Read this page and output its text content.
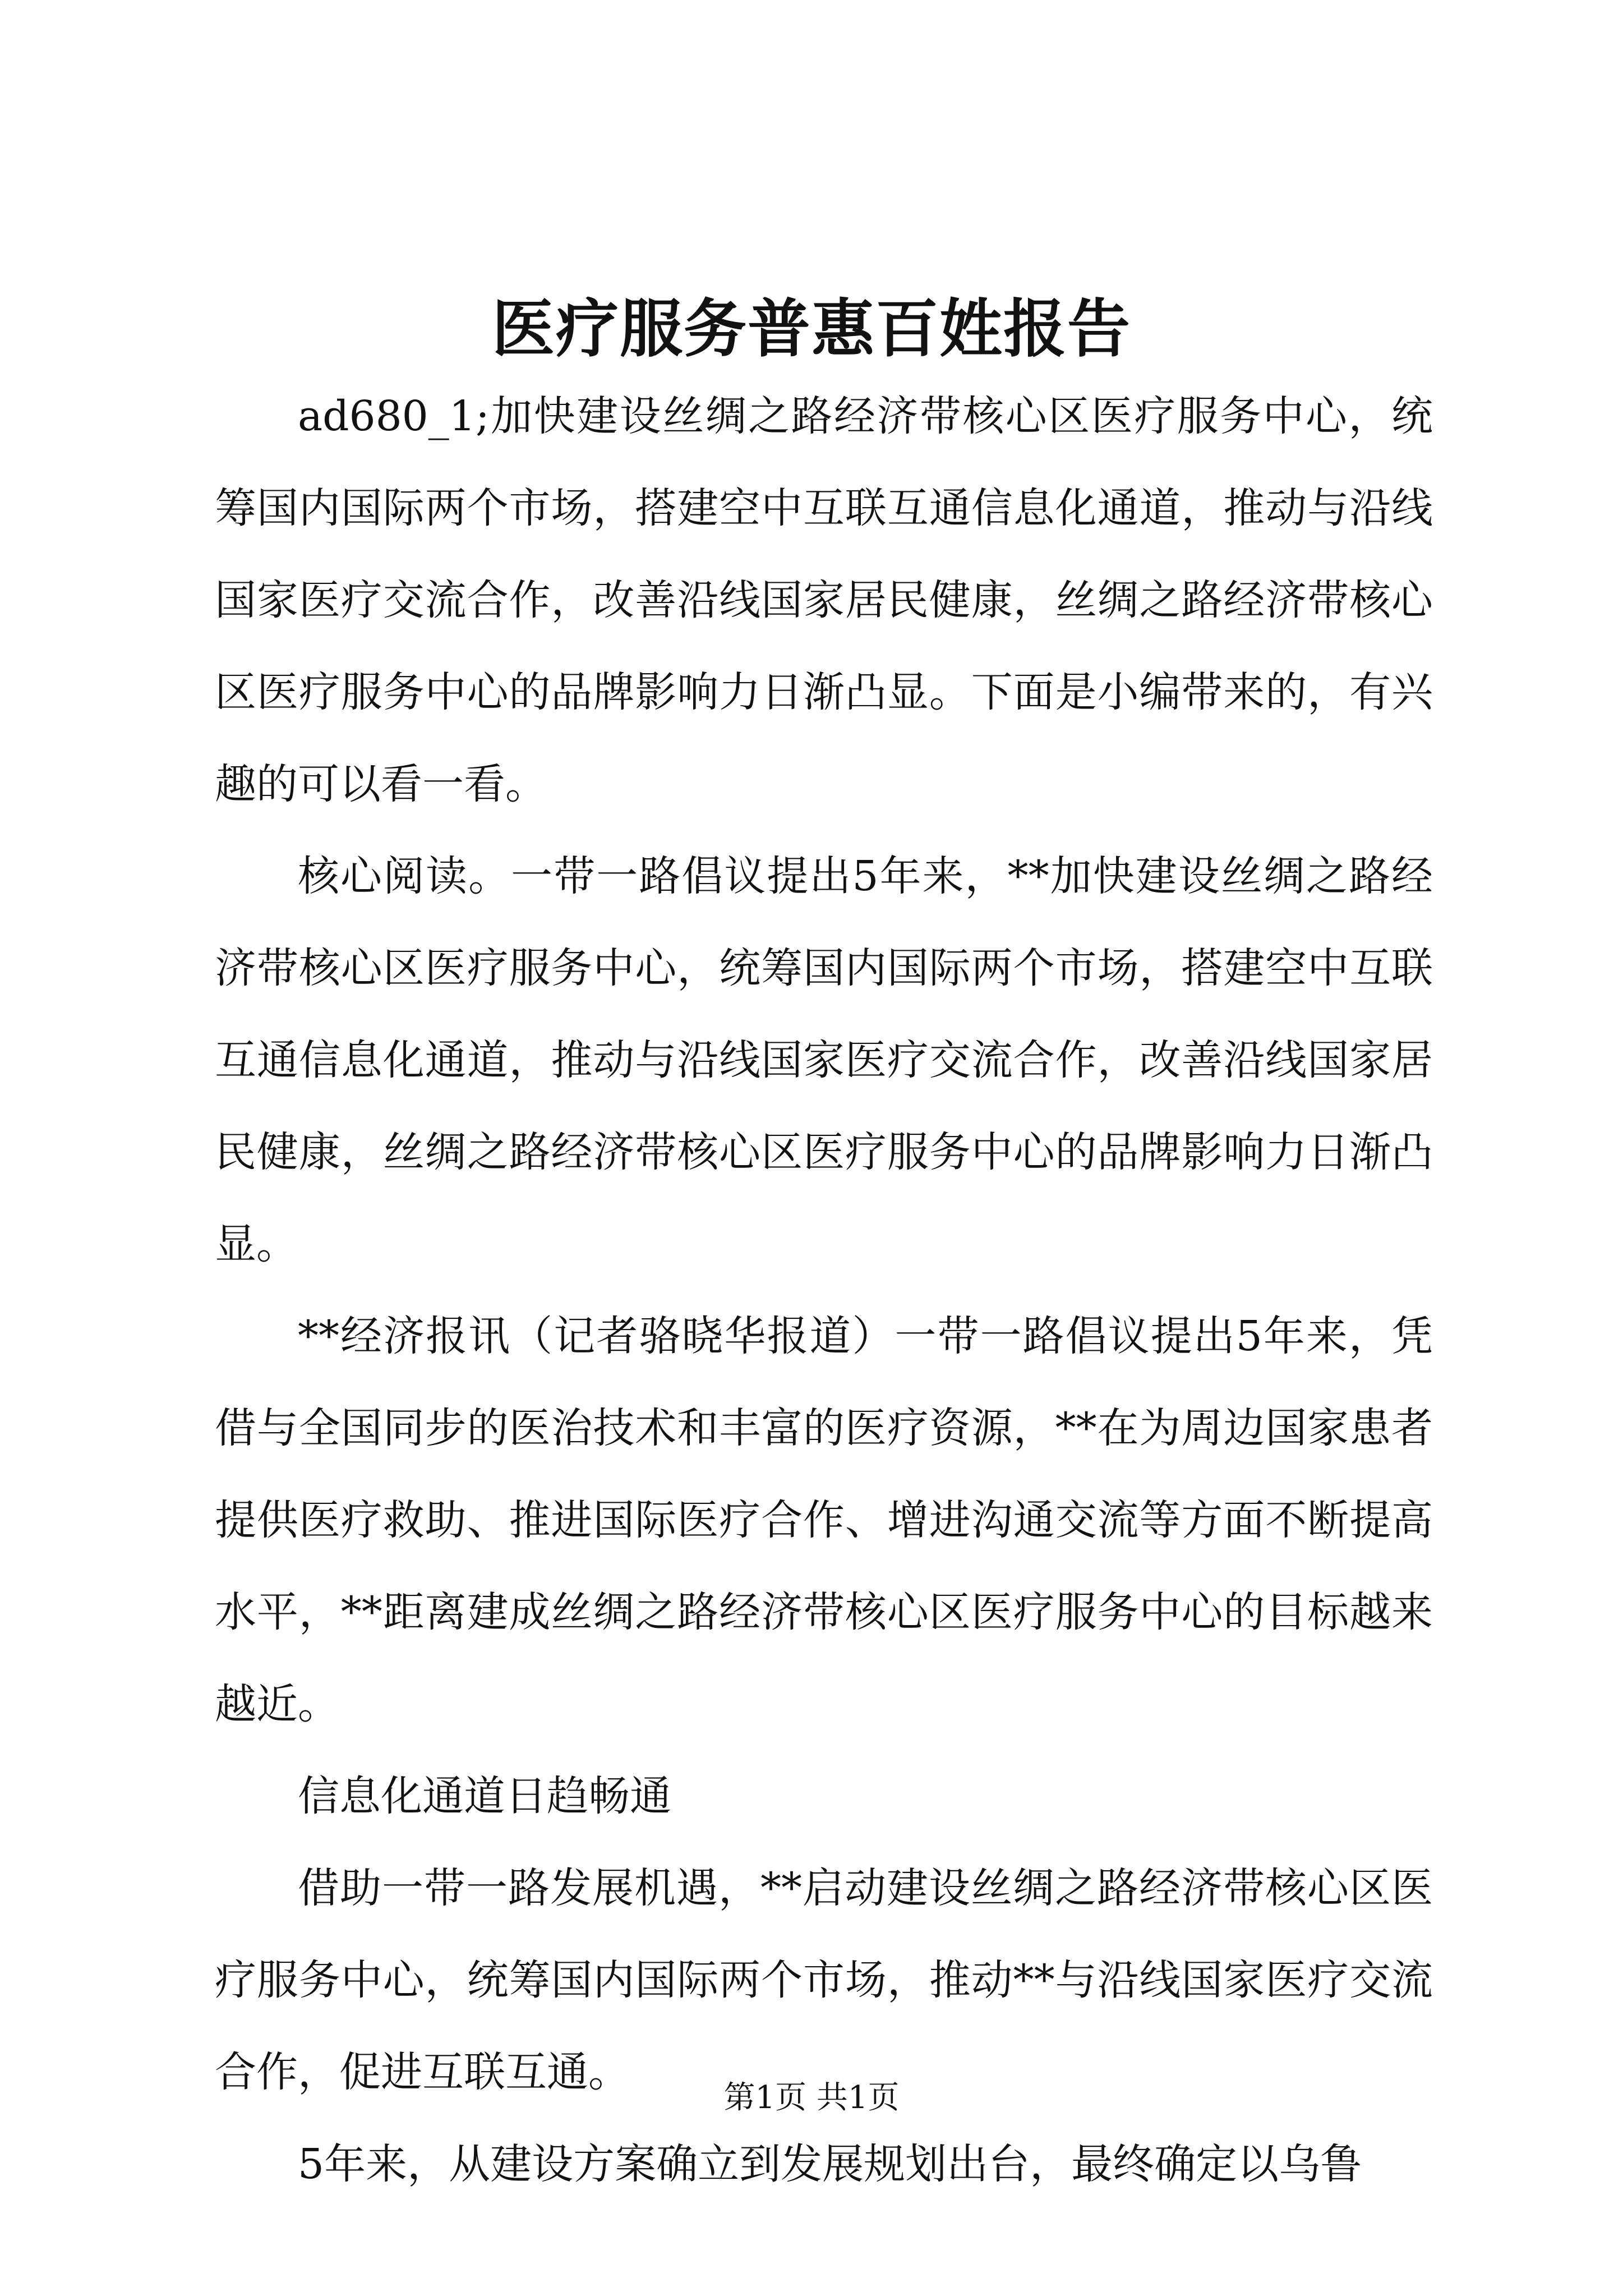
医疗服务普惠百姓报告

ad680_1;加快建设丝绸之路经济带核心区医疗服务中心，统筹国内国际两个市场，搭建空中互联互通信息化通道，推动与沿线国家医疗交流合作，改善沿线国家居民健康，丝绸之路经济带核心区医疗服务中心的品牌影响力日渐凸显。下面是小编带来的，有兴趣的可以看一看。

核心阅读。一带一路倡议提出5年来，**加快建设丝绸之路经济带核心区医疗服务中心，统筹国内国际两个市场，搭建空中互联互通信息化通道，推动与沿线国家医疗交流合作，改善沿线国家居民健康，丝绸之路经济带核心区医疗服务中心的品牌影响力日渐凸显。

**经济报讯（记者骆晓华报道）一带一路倡议提出5年来，凭借与全国同步的医治技术和丰富的医疗资源，**在为周边国家患者提供医疗救助、推进国际医疗合作、增进沟通交流等方面不断提高水平，**距离建成丝绸之路经济带核心区医疗服务中心的目标越来越近。

信息化通道日趋畅通

借助一带一路发展机遇，**启动建设丝绸之路经济带核心区医疗服务中心，统筹国内国际两个市场，推动**与沿线国家医疗交流合作，促进互联互通。

5年来，从建设方案确立到发展规划出台，最终确定以乌鲁

第1页 共1页
